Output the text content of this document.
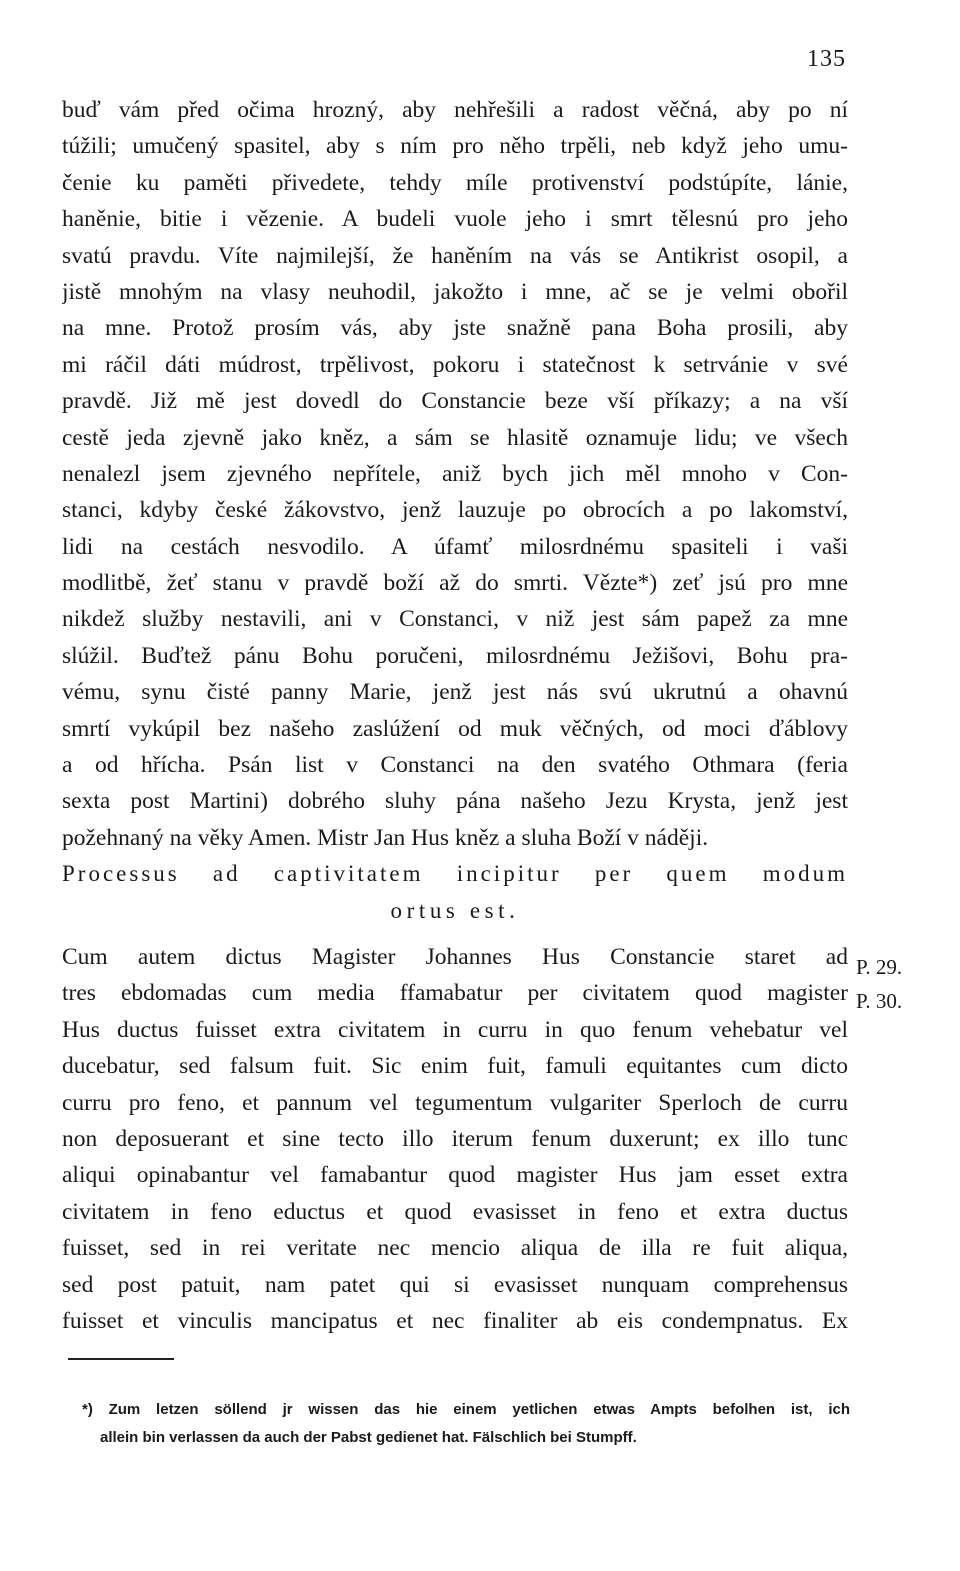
135
buď vám před očima hrozný, aby nehřešili a radost věčná, aby po ní
túžili; umučený spasitel, aby s ním pro něho trpěli, neb když jeho umu-
čenie ku paměti přivedete, tehdy míle protivenství podstúpíte, lánie,
haněnie, bitie i vězenie. A budeli vuole jeho i smrt tělesnú pro jeho
svatú pravdu. Víte najmilejší, že haněním na vás se Antikrist osopil, a
jistě mnohým na vlasy neuhodil, jakožto i mne, ač se je velmi obořil
na mne. Protož prosím vás, aby jste snažně pana Boha prosili, aby
mi ráčil dáti múdrost, trpělivost, pokoru i statečnost k setrvánie v své
pravdě. Již mě jest dovedl do Constancie beze vší příkazy; a na vší
cestě jeda zjevně jako kněz, a sám se hlasitě oznamuje lidu; ve všech
nenalezl jsem zjevného nepřítele, aniž bych jich měl mnoho v Con-
stanci, kdyby české žákovstvo, jenž lauzuje po obrocích a po lakomství,
lidi na cestách nesvodilo. A úfamť milosrdnému spasiteli i vaši
modlitbě, žeť stanu v pravdě boží až do smrti. Vězte*) zeť jsú pro mne
nikdež služby nestavili, ani v Constanci, v niž jest sám papež za mne
slúžil. Buďtež pánu Bohu poručeni, milosrdnému Ježišovi, Bohu pra-
vému, synu čisté panny Marie, jenž jest nás svú ukrutnú a ohavnú
smrtí vykúpil bez našeho zaslúžení od muk věčných, od moci ďáblovy
a od hřícha. Psán list v Constanci na den svatého Othmara (feria
sexta post Martini) dobrého sluhy pána našeho Jezu Krysta, jenž jest
požehnaný na věky Amen. Mistr Jan Hus kněz a sluha Boží v náději.
Processus ad captivitatem incipitur per quem modum
ortus est.
Cum autem dictus Magister Johannes Hus Constancie staret ad
tres ebdomadas cum media ffamabatur per civitatem quod magister
Hus ductus fuisset extra civitatem in curru in quo fenum vehebatur vel
ducebatur, sed falsum fuit. Sic enim fuit, famuli equitantes cum dicto
curru pro feno, et pannum vel tegumentum vulgariter Sperloch de curru
non deposuerant et sine tecto illo iterum fenum duxerunt; ex illo tunc
aliqui opinabantur vel famabantur quod magister Hus jam esset extra
civitatem in feno eductus et quod evasisset in feno et extra ductus
fuisset, sed in rei veritate nec mencio aliqua de illa re fuit aliqua,
sed post patuit, nam patet qui si evasisset nunquam comprehensus
fuisset et vinculis mancipatus et nec finaliter ab eis condempnatus. Ex
P. 29.
P. 30.
*) Zum letzen söllend jr wissen das hie einem yetlichen etwas Ampts befolhen ist, ich
allein bin verlassen da auch der Pabst gedienet hat. Fälschlich bei Stumpff.
